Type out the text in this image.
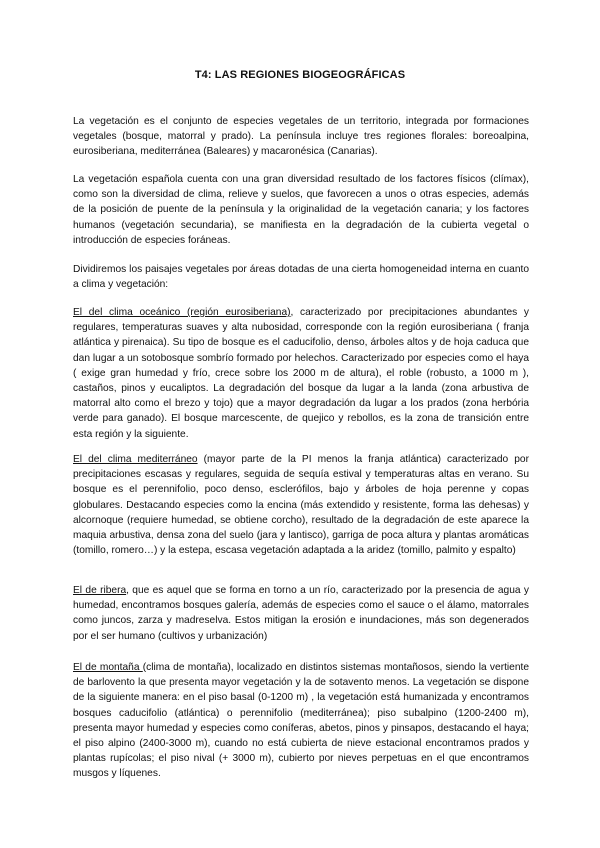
T4: LAS REGIONES BIOGEOGRÁFICAS

La vegetación es el conjunto de especies vegetales de un territorio, integrada por formaciones vegetales (bosque, matorral y prado). La península incluye tres regiones florales: boreoalpina, eurosiberiana, mediterránea (Baleares) y macaronésica (Canarias).

La vegetación española cuenta con una gran diversidad resultado de los factores físicos (clímax), como son la diversidad de clima, relieve y suelos, que favorecen a unos o otras especies, además de la posición de puente de la península y la originalidad de la vegetación canaria; y los factores humanos (vegetación secundaria), se manifiesta en la degradación de la cubierta vegetal o introducción de especies foráneas.

Dividiremos los paisajes vegetales por áreas dotadas de una cierta homogeneidad interna en cuanto a clima y vegetación:

El del clima oceánico (región eurosiberiana), caracterizado por precipitaciones abundantes y regulares, temperaturas suaves y alta nubosidad, corresponde con la región eurosiberiana ( franja atlántica y pirenaica). Su tipo de bosque es el caducifolio, denso, árboles altos y de hoja caduca que dan lugar a un sotobosque sombrío formado por helechos. Caracterizado por especies como el haya ( exige gran humedad y frío, crece sobre los 2000 m de altura), el roble (robusto, a 1000 m ), castaños, pinos y eucaliptos. La degradación del bosque da lugar a la landa (zona arbustiva de matorral alto como el brezo y tojo) que a mayor degradación da lugar a los prados (zona herbória verde para ganado). El bosque marcescente, de quejico y rebollos, es la zona de transición entre esta región y la siguiente.

El del clima mediterráneo (mayor parte de la PI menos la franja atlántica) caracterizado por precipitaciones escasas y regulares, seguida de sequía estival y temperaturas altas en verano. Su bosque es el perennifolio, poco denso, esclerófilos, bajo y árboles de hoja perenne y copas globulares. Destacando especies como la encina (más extendido y resistente, forma las dehesas) y alcornoque (requiere humedad, se obtiene corcho), resultado de la degradación de este aparece la maquia arbustiva, densa zona del suelo (jara y lantisco), garriga de poca altura y plantas aromáticas (tomillo, romero…) y la estepa, escasa vegetación adaptada a la aridez (tomillo, palmito y espalto)

El de ribera, que es aquel que se forma en torno a un río, caracterizado por la presencia de agua y humedad, encontramos bosques galería, además de especies como el sauce o el álamo, matorrales como juncos, zarza y madreselva. Estos mitigan la erosión e inundaciones, más son degenerados por el ser humano (cultivos y urbanización)

El de montaña (clima de montaña), localizado en distintos sistemas montañosos, siendo la vertiente de barlovento la que presenta mayor vegetación y la de sotavento menos. La vegetación se dispone de la siguiente manera: en el piso basal (0-1200 m) , la vegetación está humanizada y encontramos bosques caducifolio (atlántica) o perennifolio (mediterránea); piso subalpino (1200-2400 m), presenta mayor humedad y especies como coníferas, abetos, pinos y pinsapos, destacando el haya; el piso alpino (2400-3000 m), cuando no está cubierta de nieve estacional encontramos prados y plantas rupícolas; el piso nival (+ 3000 m), cubierto por nieves perpetuas en el que encontramos musgos y líquenes.
